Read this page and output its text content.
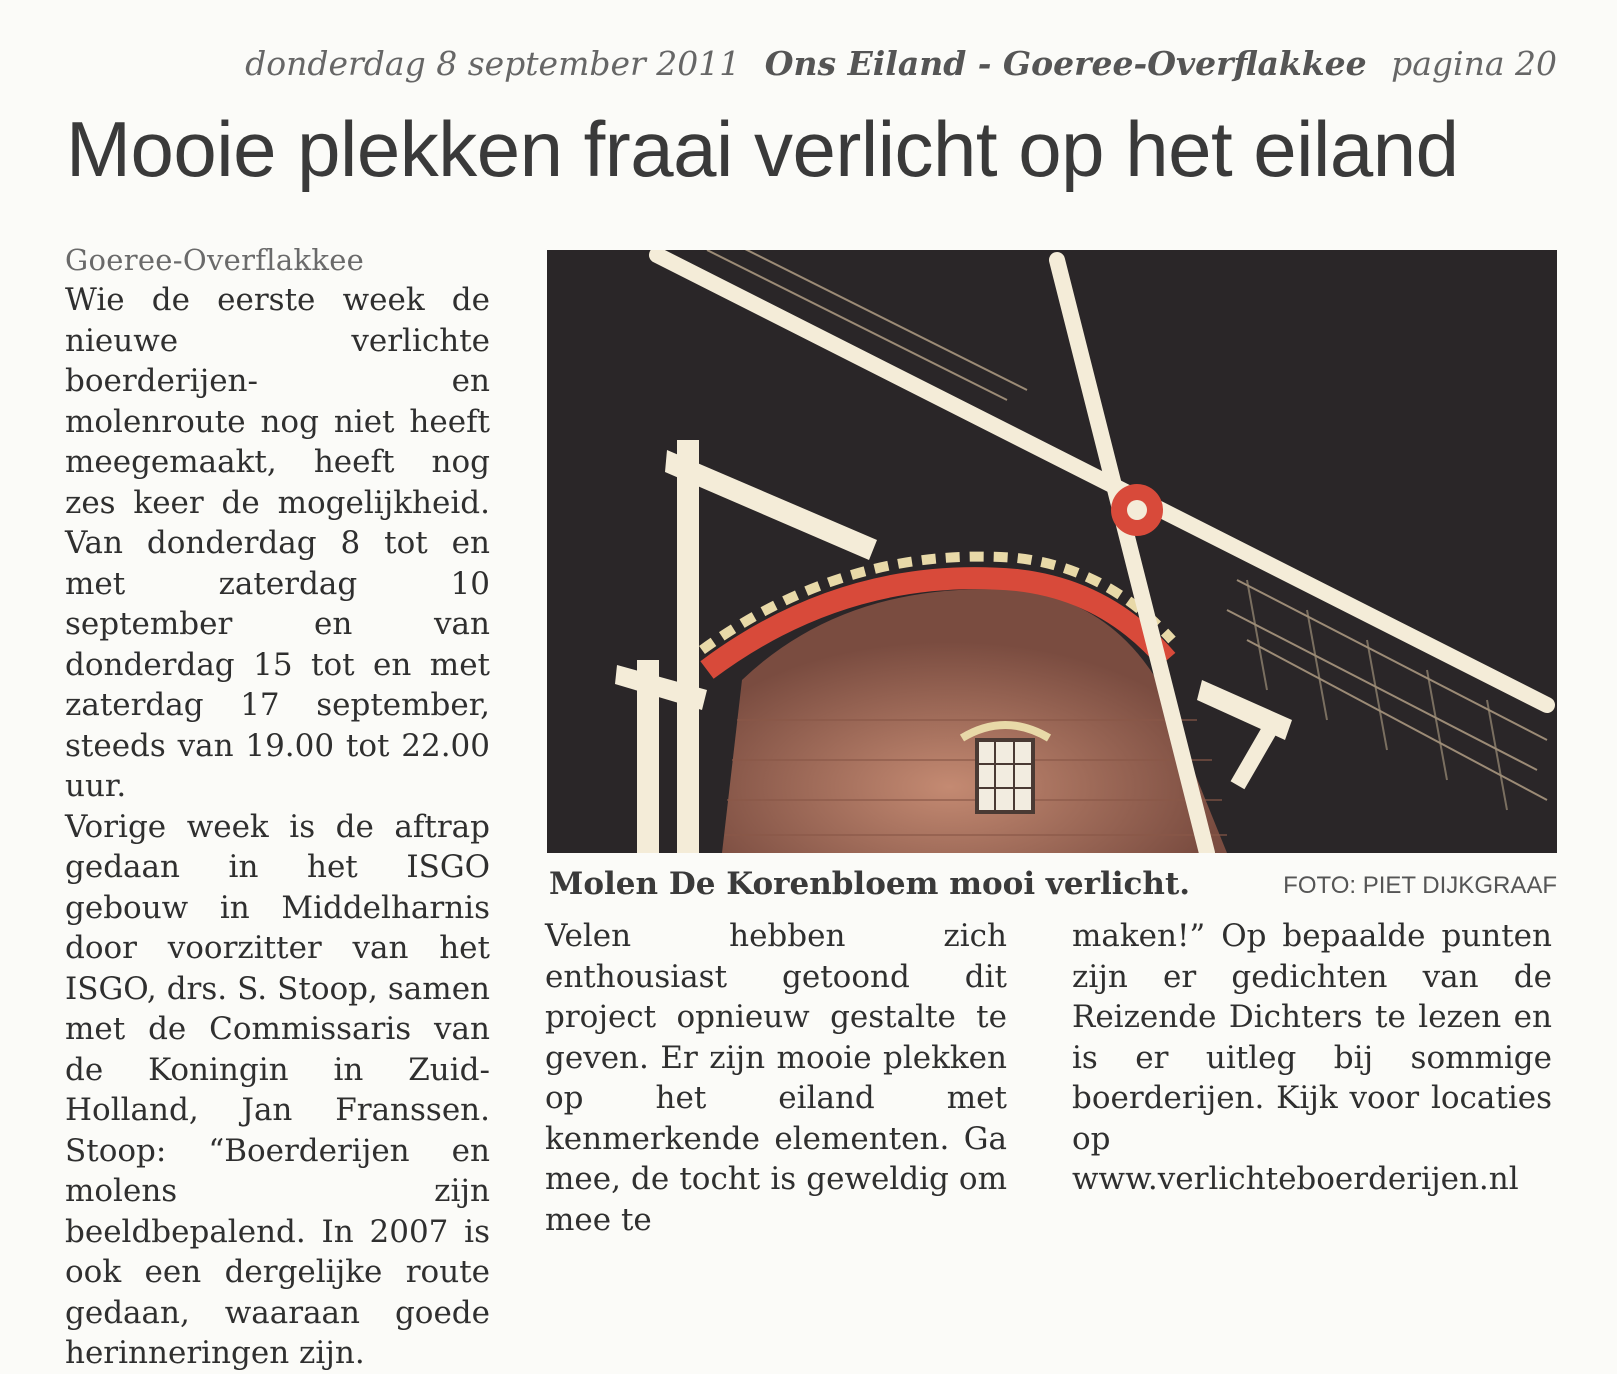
donderdag 8 september 2011 Ons Eiland - Goeree-Overflakkee pagina 20
Mooie plekken fraai verlicht op het eiland
Goeree-Overflakkee

Wie de eerste week de nieuwe verlichte boerderijen- en molenroute nog niet heeft meegemaakt, heeft nog zes keer de mogelijkheid. Van donderdag 8 tot en met zaterdag 10 september en van donderdag 15 tot en met zaterdag 17 september, steeds van 19.00 tot 22.00 uur.

Vorige week is de aftrap gedaan in het ISGO gebouw in Middelharnis door voorzitter van het ISGO, drs. S. Stoop, samen met de Commissaris van de Koningin in Zuid-Holland, Jan Franssen. Stoop: “Boerderijen en molens zijn beeldbepalend. In 2007 is ook een dergelijke route gedaan, waaraan goede herinneringen zijn.

Molen De Korenbloem mooi verlicht.	FOTO: PIET DIJKGRAAF

Velen hebben zich enthousiast getoond dit project opnieuw gestalte te geven. Er zijn mooie plekken op het eiland met kenmerkende elementen. Ga mee, de tocht is geweldig om mee te

maken!” Op bepaalde punten zijn er gedichten van de Reizende Dichters te lezen en is er uitleg bij sommige boerderijen. Kijk voor locaties op www.verlichteboerderijen.nl
